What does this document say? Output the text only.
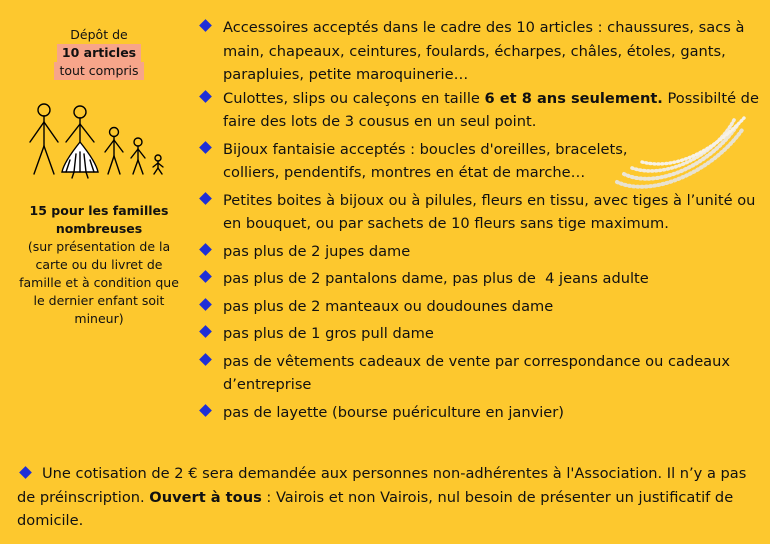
Dépôt de
10 articles
tout compris
15 pour les familles
nombreuses
(sur présentation de la carte ou du livret de famille et à condition que le dernier enfant soit mineur)

Accessoires acceptés dans le cadre des 10 articles : chaussures, sacs à main, chapeaux, ceintures, foulards, écharpes, châles, étoles, gants, parapluies, petite maroquinerie…

Culottes, slips ou caleçons en taille 6 et 8 ans seulement. Possibilté de faire des lots de 3 cousus en un seul point.

Bijoux fantaisie acceptés : boucles d'oreilles, bracelets, colliers, pendentifs, montres en état de marche…

Petites boites à bijoux ou à pilules, fleurs en tissu, avec tiges à l’unité ou en bouquet, ou par sachets de 10 fleurs sans tige maximum.

pas plus de 2 jupes dame

pas plus de 2 pantalons dame, pas plus de  4 jeans adulte

pas plus de 2 manteaux ou doudounes dame

pas plus de 1 gros pull dame

pas de vêtements cadeaux de vente par correspondance ou cadeaux d’entreprise

pas de layette (bourse puériculture en janvier)

Une cotisation de 2 € sera demandée aux personnes non-adhérentes à l'Association. Il n’y a pas de préinscription. Ouvert à tous : Vairois et non Vairois, nul besoin de présenter un justificatif de domicile.
